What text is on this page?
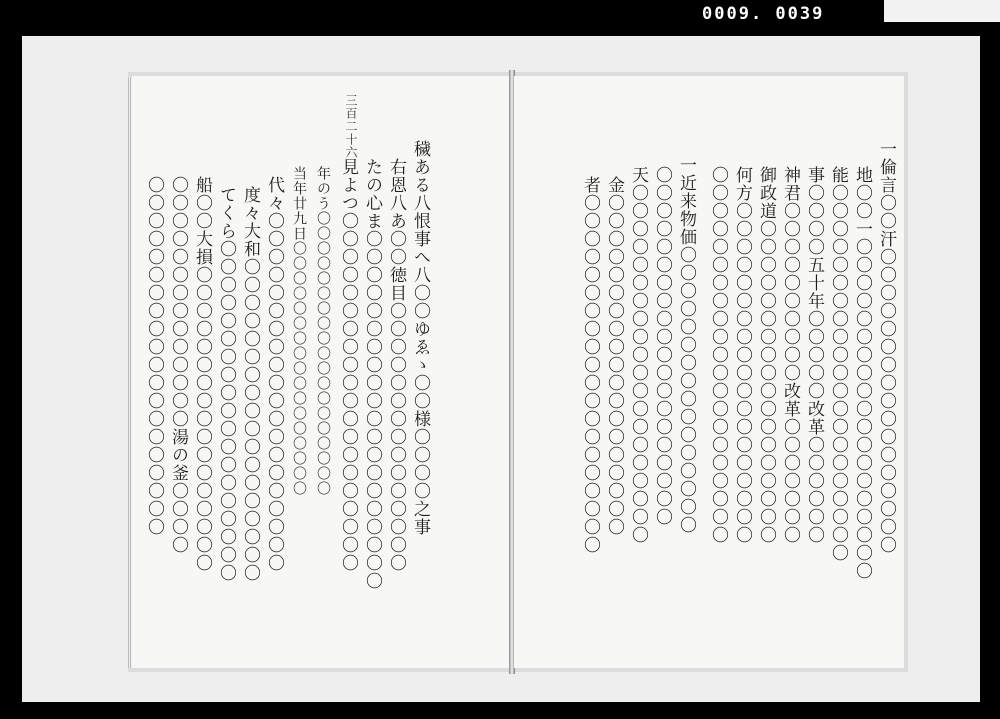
0009. 0039
三百二十六
穢ある八恨事へ八〇〇ゆゑゝ〇〇様〇〇〇〇之事
右恩八あ〇〇徳目〇〇〇〇〇〇〇〇〇〇〇〇〇〇〇
たの心ま〇〇〇〇〇〇〇〇〇〇〇〇〇〇〇〇〇〇〇〇
見よつ〇〇〇〇〇〇〇〇〇〇〇〇〇〇〇〇〇〇〇〇
年のう〇〇〇〇〇〇〇〇〇〇〇〇〇〇〇〇〇〇〇
当年廿九日〇〇〇〇〇〇〇〇〇〇〇〇〇〇〇〇〇
代々〇〇〇〇〇〇〇〇〇〇〇〇〇〇〇〇〇〇〇〇
度々大和〇〇〇〇〇〇〇〇〇〇〇〇〇〇〇〇〇〇
てくら〇〇〇〇〇〇〇〇〇〇〇〇〇〇〇〇〇〇〇
船〇〇大損〇〇〇〇〇〇〇〇〇〇〇〇〇〇〇〇〇
〇〇〇〇〇〇〇〇〇〇〇〇〇〇湯の釜〇〇〇〇
〇〇〇〇〇〇〇〇〇〇〇〇〇〇〇〇〇〇〇〇	一倫言〇〇汗〇〇〇〇〇〇〇〇〇〇〇〇〇〇〇〇〇
地〇〇一〇〇〇〇〇〇〇〇〇〇〇〇〇〇〇〇〇〇〇
能〇〇〇〇〇〇〇〇〇〇〇〇〇〇〇〇〇〇〇〇〇
事〇〇〇〇五十年〇〇〇〇〇改革〇〇〇〇〇〇
神君〇〇〇〇〇〇〇〇〇〇改革〇〇〇〇〇〇〇
御政道〇〇〇〇〇〇〇〇〇〇〇〇〇〇〇〇〇〇
何方〇〇〇〇〇〇〇〇〇〇〇〇〇〇〇〇〇〇〇
〇〇〇〇〇〇〇〇〇〇〇〇〇〇〇〇〇〇〇〇〇
一近来物価〇〇〇〇〇〇〇〇〇〇〇〇〇〇〇〇
〇〇〇〇〇〇〇〇〇〇〇〇〇〇〇〇〇〇〇〇
天〇〇〇〇〇〇〇〇〇〇〇〇〇〇〇〇〇〇〇〇
金〇〇〇〇〇〇〇〇〇〇〇〇〇〇〇〇〇〇〇
者〇〇〇〇〇〇〇〇〇〇〇〇〇〇〇〇〇〇〇〇
